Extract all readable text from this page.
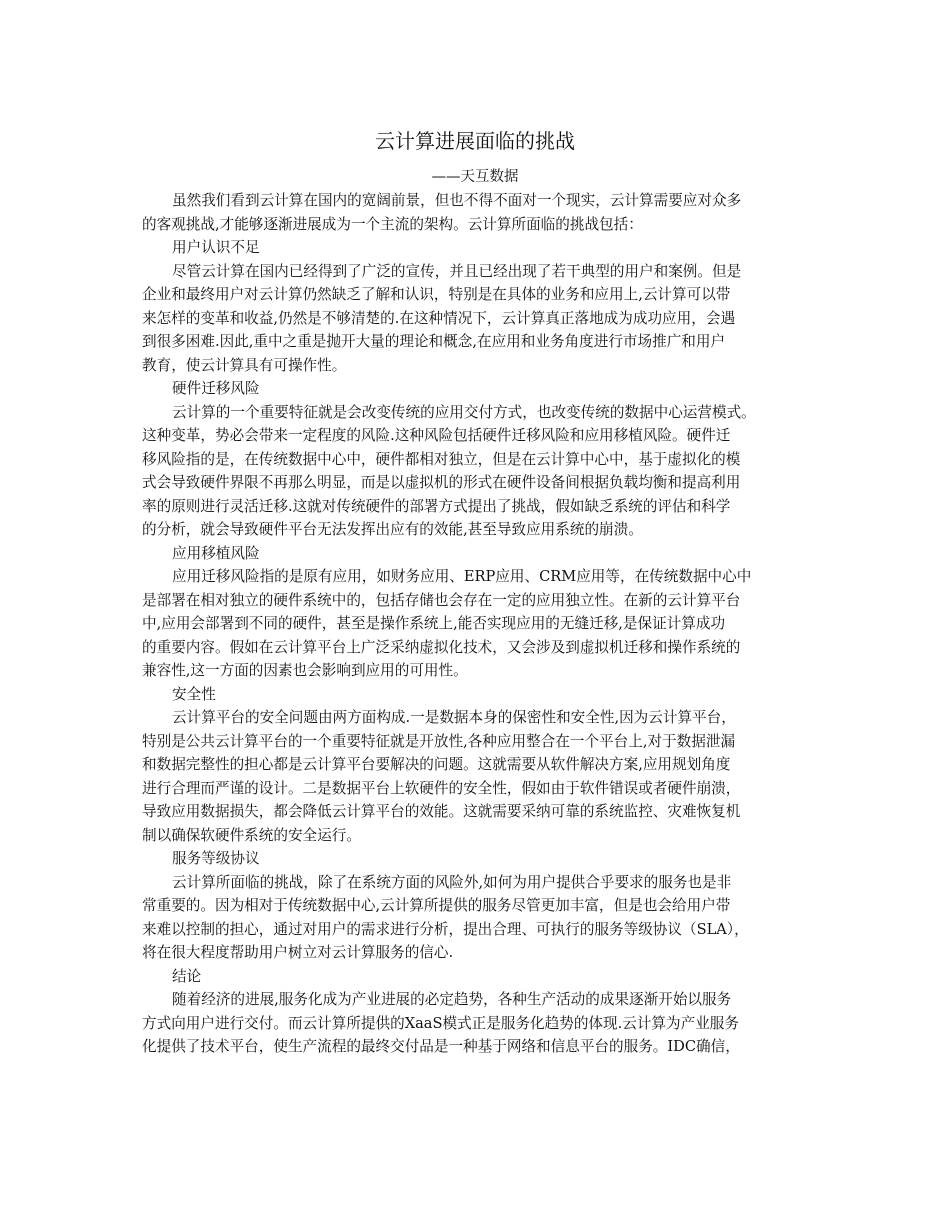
云计算进展面临的挑战
——天互数据
虽然我们看到云计算在国内的宽阔前景，但也不得不面对一个现实，云计算需要应对众多
的客观挑战,才能够逐渐进展成为一个主流的架构。云计算所面临的挑战包括：
用户认识不足
尽管云计算在国内已经得到了广泛的宣传，并且已经出现了若干典型的用户和案例。但是
企业和最终用户对云计算仍然缺乏了解和认识，特别是在具体的业务和应用上,云计算可以带
来怎样的变革和收益,仍然是不够清楚的.在这种情况下，云计算真正落地成为成功应用，会遇
到很多困难.因此,重中之重是抛开大量的理论和概念,在应用和业务角度进行市场推广和用户
教育，使云计算具有可操作性。
硬件迁移风险
云计算的一个重要特征就是会改变传统的应用交付方式，也改变传统的数据中心运营模式。
这种变革，势必会带来一定程度的风险.这种风险包括硬件迁移风险和应用移植风险。硬件迁
移风险指的是，在传统数据中心中，硬件都相对独立，但是在云计算中心中，基于虚拟化的模
式会导致硬件界限不再那么明显，而是以虚拟机的形式在硬件设备间根据负载均衡和提高利用
率的原则进行灵活迁移.这就对传统硬件的部署方式提出了挑战，假如缺乏系统的评估和科学
的分析，就会导致硬件平台无法发挥出应有的效能,甚至导致应用系统的崩溃。
应用移植风险
应用迁移风险指的是原有应用，如财务应用、ERP应用、CRM应用等，在传统数据中心中
是部署在相对独立的硬件系统中的，包括存储也会存在一定的应用独立性。在新的云计算平台
中,应用会部署到不同的硬件，甚至是操作系统上,能否实现应用的无缝迁移,是保证计算成功
的重要内容。假如在云计算平台上广泛采纳虚拟化技术，又会涉及到虚拟机迁移和操作系统的
兼容性,这一方面的因素也会影响到应用的可用性。
安全性
云计算平台的安全问题由两方面构成.一是数据本身的保密性和安全性,因为云计算平台，
特别是公共云计算平台的一个重要特征就是开放性,各种应用整合在一个平台上,对于数据泄漏
和数据完整性的担心都是云计算平台要解决的问题。这就需要从软件解决方案,应用规划角度
进行合理而严谨的设计。二是数据平台上软硬件的安全性，假如由于软件错误或者硬件崩溃，
导致应用数据损失，都会降低云计算平台的效能。这就需要采纳可靠的系统监控、灾难恢复机
制以确保软硬件系统的安全运行。
服务等级协议
云计算所面临的挑战，除了在系统方面的风险外,如何为用户提供合乎要求的服务也是非
常重要的。因为相对于传统数据中心,云计算所提供的服务尽管更加丰富，但是也会给用户带
来难以控制的担心，通过对用户的需求进行分析，提出合理、可执行的服务等级协议（SLA），
将在很大程度帮助用户树立对云计算服务的信心.
结论
随着经济的进展,服务化成为产业进展的必定趋势，各种生产活动的成果逐渐开始以服务
方式向用户进行交付。而云计算所提供的XaaS模式正是服务化趋势的体现.云计算为产业服务
化提供了技术平台，使生产流程的最终交付品是一种基于网络和信息平台的服务。IDC确信，
